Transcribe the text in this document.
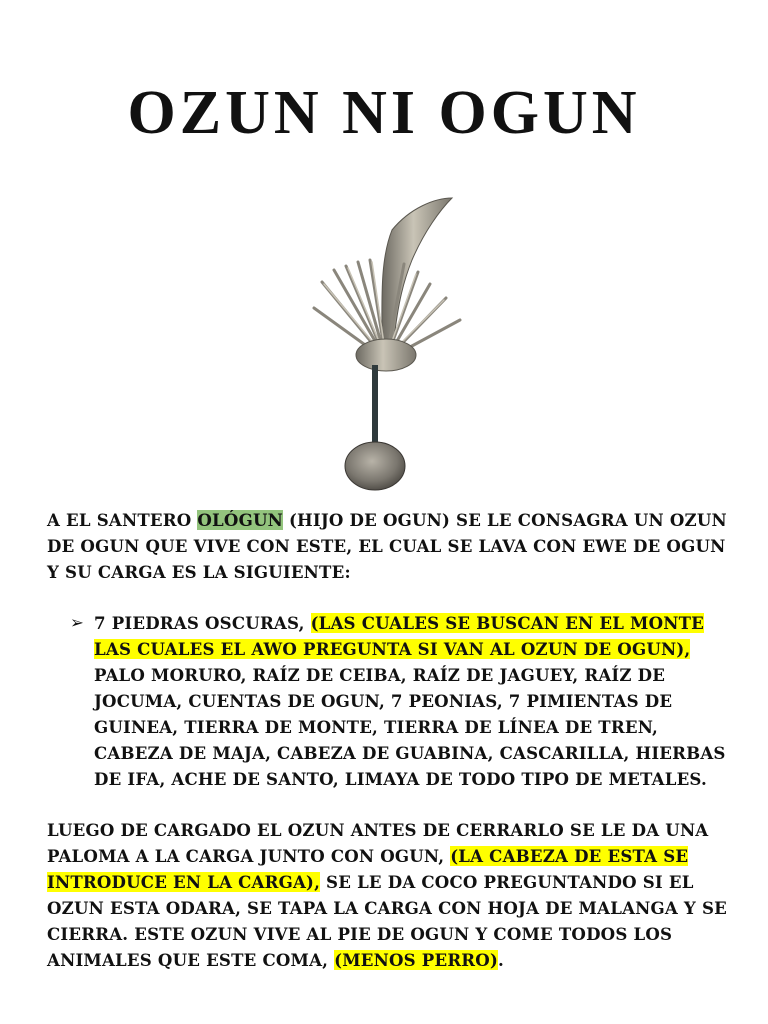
OZUN NI OGUN

A EL SANTERO OLÓGUN (HIJO DE OGUN) SE LE CONSAGRA UN OZUN DE OGUN QUE VIVE CON ESTE, EL CUAL SE LAVA CON EWE DE OGUN Y SU CARGA ES LA SIGUIENTE:

➢ 7 PIEDRAS OSCURAS, (LAS CUALES SE BUSCAN EN EL MONTE LAS CUALES EL AWO PREGUNTA SI VAN AL OZUN DE OGUN), PALO MORURO, RAÍZ DE CEIBA, RAÍZ DE JAGUEY, RAÍZ DE JOCUMA, CUENTAS DE OGUN, 7 PEONIAS, 7 PIMIENTAS DE GUINEA, TIERRA DE MONTE, TIERRA DE LÍNEA DE TREN, CABEZA DE MAJA, CABEZA DE GUABINA, CASCARILLA, HIERBAS DE IFA, ACHE DE SANTO, LIMAYA DE TODO TIPO DE METALES.

LUEGO DE CARGADO EL OZUN ANTES DE CERRARLO SE LE DA UNA PALOMA A LA CARGA JUNTO CON OGUN, (LA CABEZA DE ESTA SE INTRODUCE EN LA CARGA), SE LE DA COCO PREGUNTANDO SI EL OZUN ESTA ODARA, SE TAPA LA CARGA CON HOJA DE MALANGA Y SE CIERRA. ESTE OZUN VIVE AL PIE DE OGUN Y COME TODOS LOS ANIMALES QUE ESTE COMA, (MENOS PERRO).
